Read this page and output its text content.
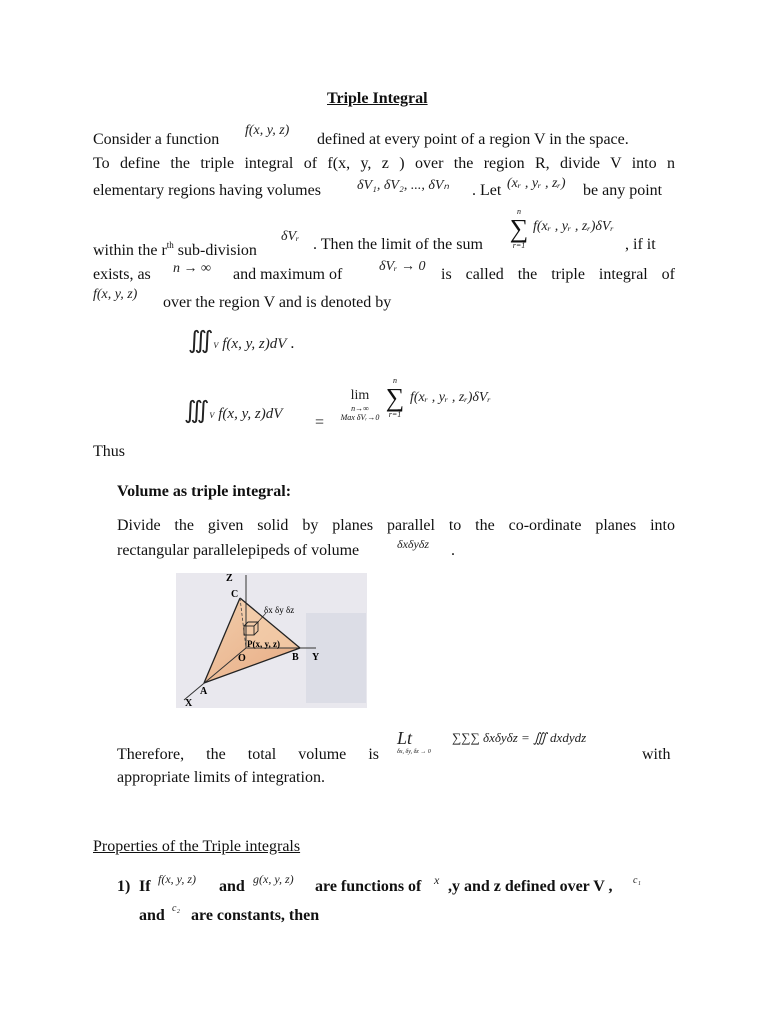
Triple Integral
Consider a function
f(x, y, z)
defined at every point of a region V in the space.
To define the triple integral of f(x, y, z ) over the region R, divide V into n
elementary regions having volumes	δV₁, δV₂, ..., δVₙ . Let (xᵣ , yᵣ , zᵣ) be any point
within the $r^{th}$ sub-division
δVᵣ . Then the limit of the sum
n
∑
r=1
f(xᵣ , yᵣ , zᵣ)δVᵣ
, if it
exists, as n → ∞ and maximum of	δVᵣ → 0 is called the triple integral of
f(x, y, z) over the region V and is denoted by
∭V f(x, y, z)dV .
∭V f(x, y, z)dV =
lim
n→∞
Max δVᵣ→0
n
∑
r=1
f(xᵣ , yᵣ , zᵣ)δVᵣ
Thus
Volume as triple integral:
Divide the given solid by planes parallel to the co-ordinate planes into
rectangular parallelepipeds of volume	δxδyδz .
Z
C
δx δy δz
P(x, y, z)
O	B Y
A
X
Therefore, the total volume is
Lt
δx, δy, δz → 0
∑∑∑ δxδyδz = ∭ dxdydz
with
appropriate limits of integration.
Properties of the Triple integrals
1) If f(x, y, z) and g(x, y, z) are functions of x ,y and z defined over V , c₁
and c₂ are constants, then
